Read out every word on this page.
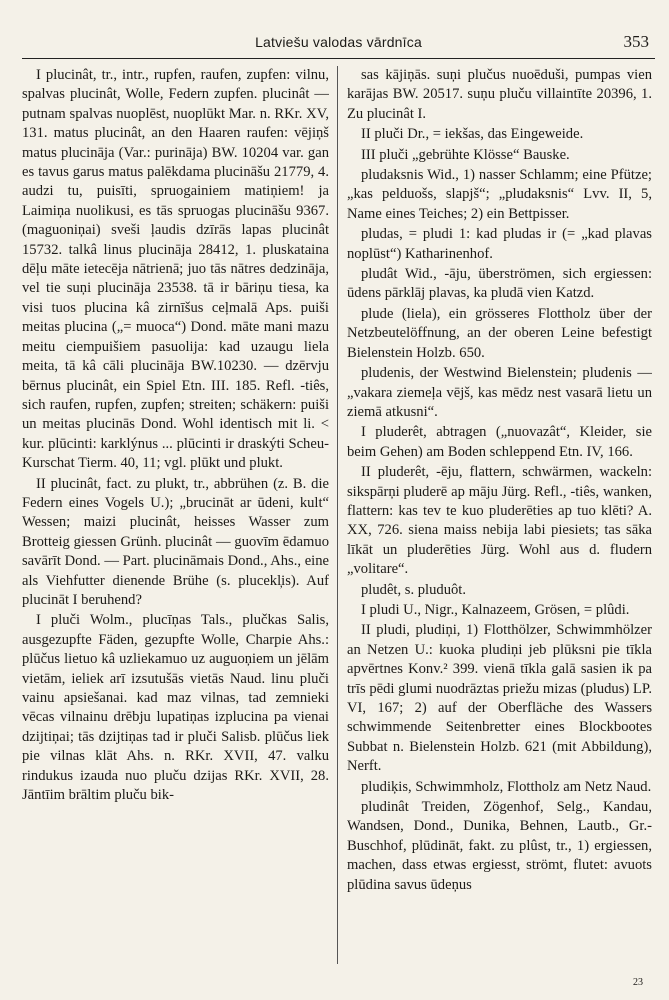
Latviešu valodas vārdnīca	353

I plucinât, tr., intr., rupfen, raufen, zupfen: vilnu, spalvas plucinât, Wolle, Federn zupfen. plucinât — putnam spalvas nuoplēst, nuoplūkt Mar. n. RKr. XV, 131. matus plucinât, an den Haaren raufen: vējiņš matus plucināja (Var.: purināja) BW. 10204 var. gan es tavus garus matus palēkdama plucināšu 21779, 4. audzi tu, puisīti, spruogainiem matiņiem! ja Laimiņa nuolikusi, es tās spruogas plucināšu 9367. (maguoniņai) sveši ļaudis dzīrās lapas plucinât 15732. talkâ linus plucināja 28412, 1. pluskatainа dēļu māte ietecēja nātrienā; juo tās nātres dedzināja, vel tie suņi plucināja 23538. tā ir bāriņu tiesa, ka visi tuos plucina kâ zirnīšus ceļmalā Aps. puiši meitas plucina („= muoca“) Dond. māte mani mazu meitu ciempuišiem pasuolija: kad uzaugu liela meita, tā kâ cāli plucināja BW.10230. — dzērvju bērnus plucinât, ein Spiel Etn. III. 185. Refl. -tiês, sich raufen, rupfen, zupfen; streiten; schäkern: puiši un meitas plucinās Dond. Wohl identisch mit li. < kur. plūcinti: karklýnus ... plūcinti ir draskýti Scheu-Kurschat Tierm. 40, 11; vgl. plūkt und plukt.

II plucinât, fact. zu plukt, tr., abbrühen (z. B. die Federn eines Vogels U.); „brucināt ar ūdeni, kult“ Wessen; maizi plucinât, heisses Wasser zum Brotteig giessen Grünh. plucinât — guovīm ēdamuo savārīt Dond. — Part. plucināmais Dond., Ahs., eine als Viehfutter dienende Brühe (s. plucekl̦is). Auf plucināt I beruhend?

I pluči Wolm., plucīņas Tals., plučkas Salis, ausgezupfte Fäden, gezupfte Wolle, Charpie Ahs.: plūčus lietuo kâ uzliekamuo uz auguoņiem un jēlām vietām, ieliek arī izsutušās vietās Naud. linu pluči vainu apsiešanai. kad maz vilnas, tad zemnieki vēcas vilnainu drēbju lupatiņas izplucina pa vienai dzijtiņai; tās dzijtiņas tad ir pluči Salisb. plūčus liek pie vilnas klāt Ahs. n. RKr. XVII, 47. valku rindukus izauda nuo pluču dzijas RKr. XVII, 28. Jāntīim brāltim pluču bik-

sas kājiņās. suņi plučus nuoēduši, pumpas vien karājas BW. 20517. suņu pluču villaintīte 20396, 1. Zu plucinât I.

II pluči Dr., = iekšas, das Eingeweide.

III pluči „gebrühte Klösse“ Bauske.

pludaksnis Wid., 1) nasser Schlamm; eine Pfütze; „kas pelduošs, slapjš“; „pludaksnis“ Lvv. II, 5, Name eines Teiches; 2) ein Bettpisser.

pludas, = pludi 1: kad pludas ir (= „kad plavas noplūst“) Katharinenhof.

pludât Wid., -āju, überströmen, sich ergiessen: ūdens pārklāj plavas, ka pludā vien Katzd.

plude (liela), ein grösseres Flottholz über der Netzbeutelöffnung, an der oberen Leine befestigt Bielenstein Holzb. 650.

pludenis, der Westwind Bielenstein; pludenis — „vakara ziemeļa vējš, kas mēdz nest vasarā lietu un ziemā atkusni“.

I pluderêt, abtragen („nuovazât“, Kleider, sie beim Gehen) am Boden schleppend Etn. IV, 166.

II pluderêt, -ēju, flattern, schwärmen, wackeln: sikspārņi pluderē ap māju Jürg. Refl., -tiês, wanken, flattern: kas tev te kuo pluderēties ap tuo klēti? A. XX, 726. siena maiss nebija labi piesiets; tas sāka līkāt un pluderēties Jürg. Wohl aus d. fludern „volitare“.

pludêt, s. pluduôt.

I pludi U., Nigr., Kalnazeem, Grösen, = plûdi.

II pludi, pludiņi, 1) Flotthölzer, Schwimmhölzer an Netzen U.: kuoka pludiņi jeb plūksni pie tīkla apvērtnes Konv.² 399. vienā tīkla galā sasien ik pa trīs pēdi glumi nuodrāztas priežu mizas (pludus) LP. VI, 167; 2) auf der Oberfläche des Wassers schwimmende Seitenbretter eines Blockbootes Subbat n. Bielenstein Holzb. 621 (mit Abbildung), Nerft.

pludiķis, Schwimmholz, Flottholz am Netz Naud.

pludinât Treiden, Zögenhof, Selg., Kandau, Wandsen, Dond., Dunika, Behnen, Lautb., Gr.-Buschhof, plūdināt, fakt. zu plûst, tr., 1) ergiessen, machen, dass etwas ergiesst, strömt, flutet: avuots plūdina savus ūdeņus

23
